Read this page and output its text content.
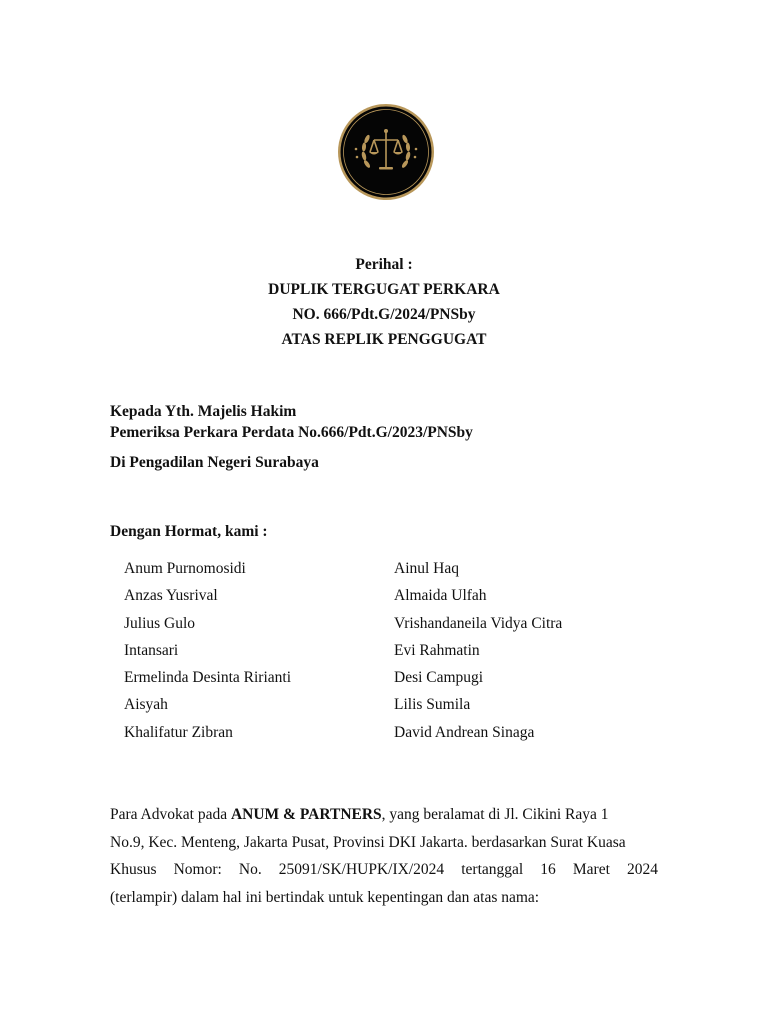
Perihal :
DUPLIK TERGUGAT PERKARA
NO. 666/Pdt.G/2024/PNSby
ATAS REPLIK PENGGUGAT
Kepada Yth. Majelis Hakim
Pemeriksa Perkara Perdata No.666/Pdt.G/2023/PNSby
Di Pengadilan Negeri Surabaya
Dengan Hormat, kami :
Anum Purnomosidi
Anzas Yusrival
Julius Gulo
Intansari
Ermelinda Desinta Ririanti
Aisyah
Khalifatur Zibran
Ainul Haq
Almaida Ulfah
Vrishandaneila Vidya Citra
Evi Rahmatin
Desi Campugi
Lilis Sumila
David Andrean Sinaga
Para Advokat pada ANUM & PARTNERS, yang beralamat di Jl. Cikini Raya 1
No.9, Kec. Menteng, Jakarta Pusat, Provinsi DKI Jakarta. berdasarkan Surat Kuasa
Khusus Nomor: No. 25091/SK/HUPK/IX/2024 tertanggal 16 Maret 2024
(terlampir) dalam hal ini bertindak untuk kepentingan dan atas nama:
